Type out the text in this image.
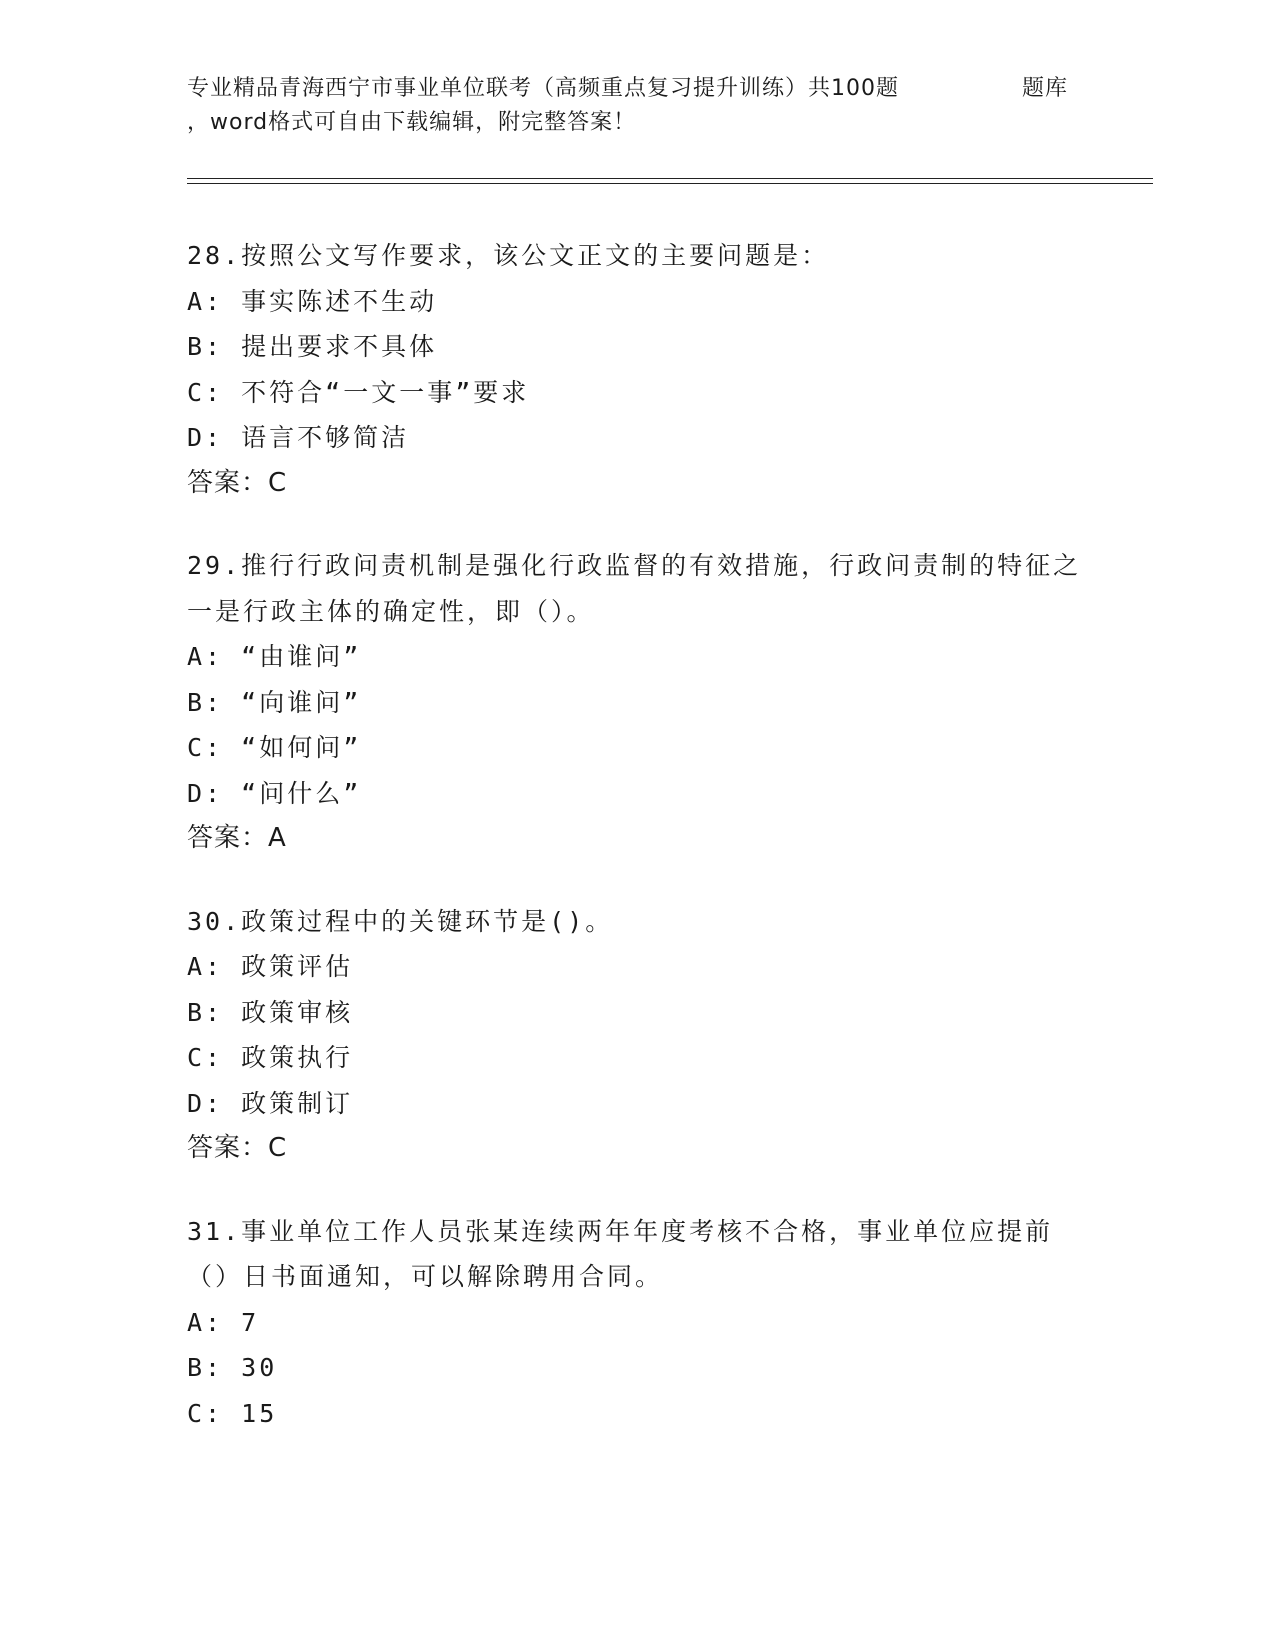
专业精品青海西宁市事业单位联考（高频重点复习提升训练）共100题	题库
，word格式可自由下载编辑，附完整答案！
28.按照公文写作要求，该公文正文的主要问题是：
A: 事实陈述不生动
B: 提出要求不具体
C: 不符合“一文一事”要求
D: 语言不够简洁
答案：C
29.推行行政问责机制是强化行政监督的有效措施，行政问责制的特征之一是行政主体的确定性，即（）。
A: “由谁问”
B: “向谁问”
C: “如何问”
D: “问什么”
答案：A
30.政策过程中的关键环节是()。
A: 政策评估
B: 政策审核
C: 政策执行
D: 政策制订
答案：C
31.事业单位工作人员张某连续两年年度考核不合格，事业单位应提前（）日书面通知，可以解除聘用合同。
A: 7
B: 30
C: 15
